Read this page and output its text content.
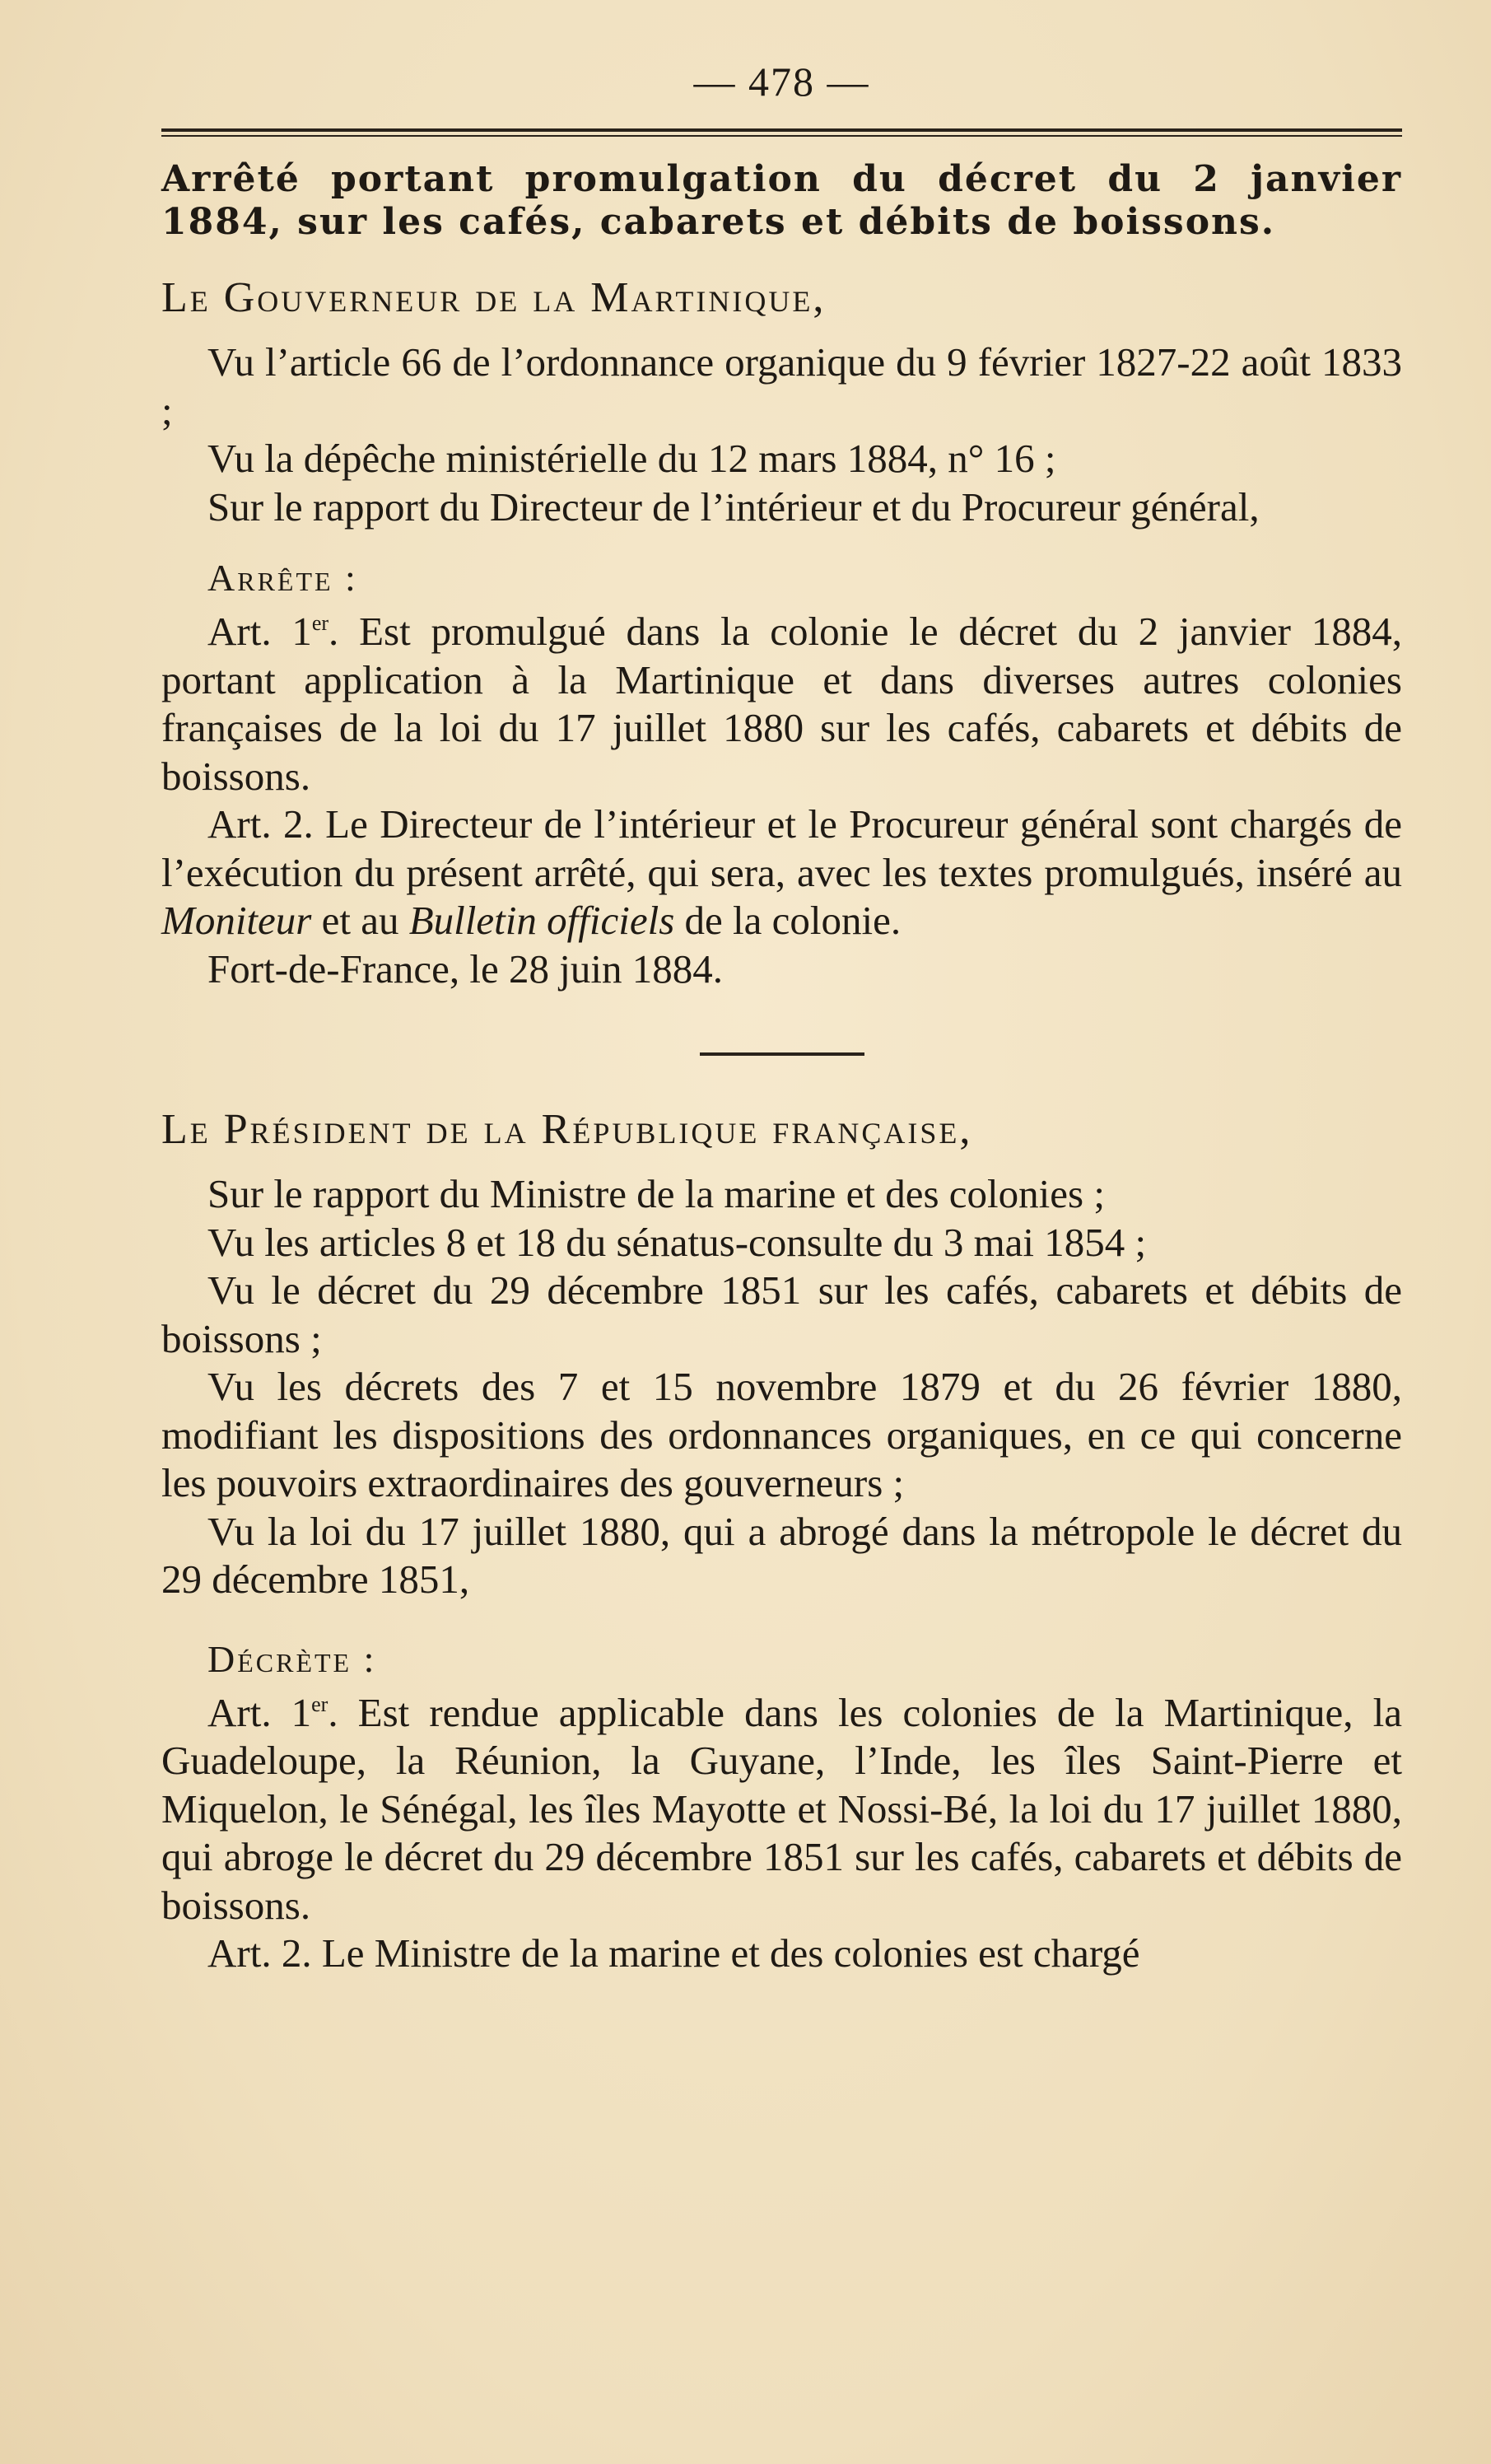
— 478 —
Arrêté portant promulgation du décret du 2 janvier
1884, sur les cafés, cabarets et débits de boissons.
Le Gouverneur de la Martinique,

Vu l’article 66 de l’ordonnance organique du 9 février 1827-22 août 1833 ;

Vu la dépêche ministérielle du 12 mars 1884, n° 16 ;

Sur le rapport du Directeur de l’intérieur et du Procureur général,

Arrête :

Art. 1er. Est promulgué dans la colonie le décret du 2 janvier 1884, portant application à la Martinique et dans diverses autres colonies françaises de la loi du 17 juillet 1880 sur les cafés, cabarets et débits de boissons.

Art. 2. Le Directeur de l’intérieur et le Procureur général sont chargés de l’exécution du présent arrêté, qui sera, avec les textes promulgués, inséré au Moniteur et au Bulletin officiels de la colonie.

Fort-de-France, le 28 juin 1884.

Le Président de la République française,

Sur le rapport du Ministre de la marine et des colonies ;

Vu les articles 8 et 18 du sénatus-consulte du 3 mai 1854 ;

Vu le décret du 29 décembre 1851 sur les cafés, cabarets et débits de boissons ;

Vu les décrets des 7 et 15 novembre 1879 et du 26 février 1880, modifiant les dispositions des ordonnances organiques, en ce qui concerne les pouvoirs extraordinaires des gouverneurs ;

Vu la loi du 17 juillet 1880, qui a abrogé dans la métropole le décret du 29 décembre 1851,

Décrète :

Art. 1er. Est rendue applicable dans les colonies de la Martinique, la Guadeloupe, la Réunion, la Guyane, l’Inde, les îles Saint-Pierre et Miquelon, le Sénégal, les îles Mayotte et Nossi-Bé, la loi du 17 juillet 1880, qui abroge le décret du 29 décembre 1851 sur les cafés, cabarets et débits de boissons.

Art. 2. Le Ministre de la marine et des colonies est chargé
